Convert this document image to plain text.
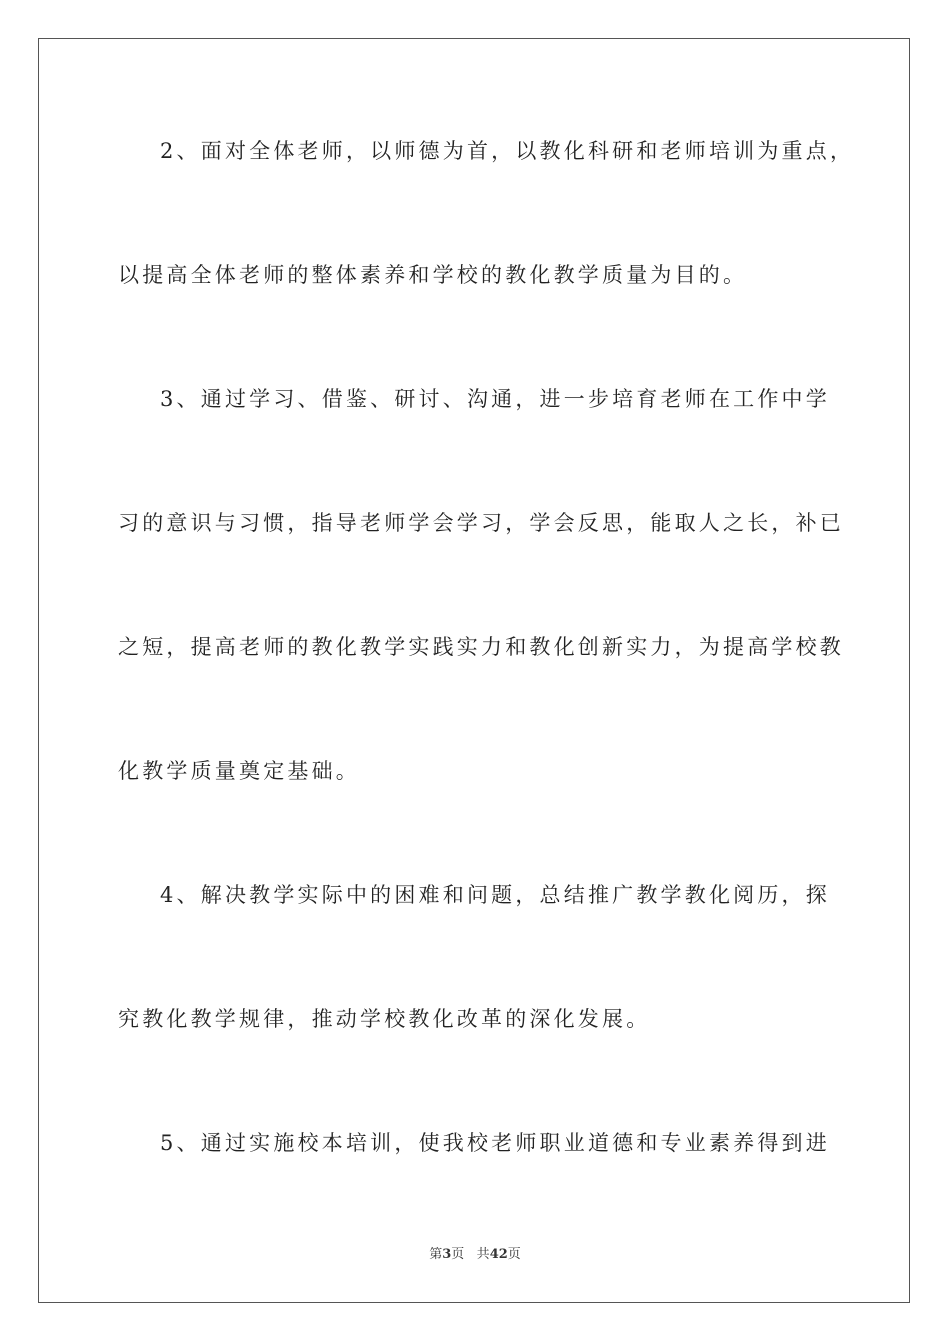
2、面对全体老师，以师德为首，以教化科研和老师培训为重点，
以提高全体老师的整体素养和学校的教化教学质量为目的。
3、通过学习、借鉴、研讨、沟通，进一步培育老师在工作中学
习的意识与习惯，指导老师学会学习，学会反思，能取人之长，补已
之短，提高老师的教化教学实践实力和教化创新实力，为提高学校教
化教学质量奠定基础。
4、解决教学实际中的困难和问题，总结推广教学教化阅历，探
究教化教学规律，推动学校教化改革的深化发展。
5、通过实施校本培训，使我校老师职业道德和专业素养得到进
第3页 共42页
